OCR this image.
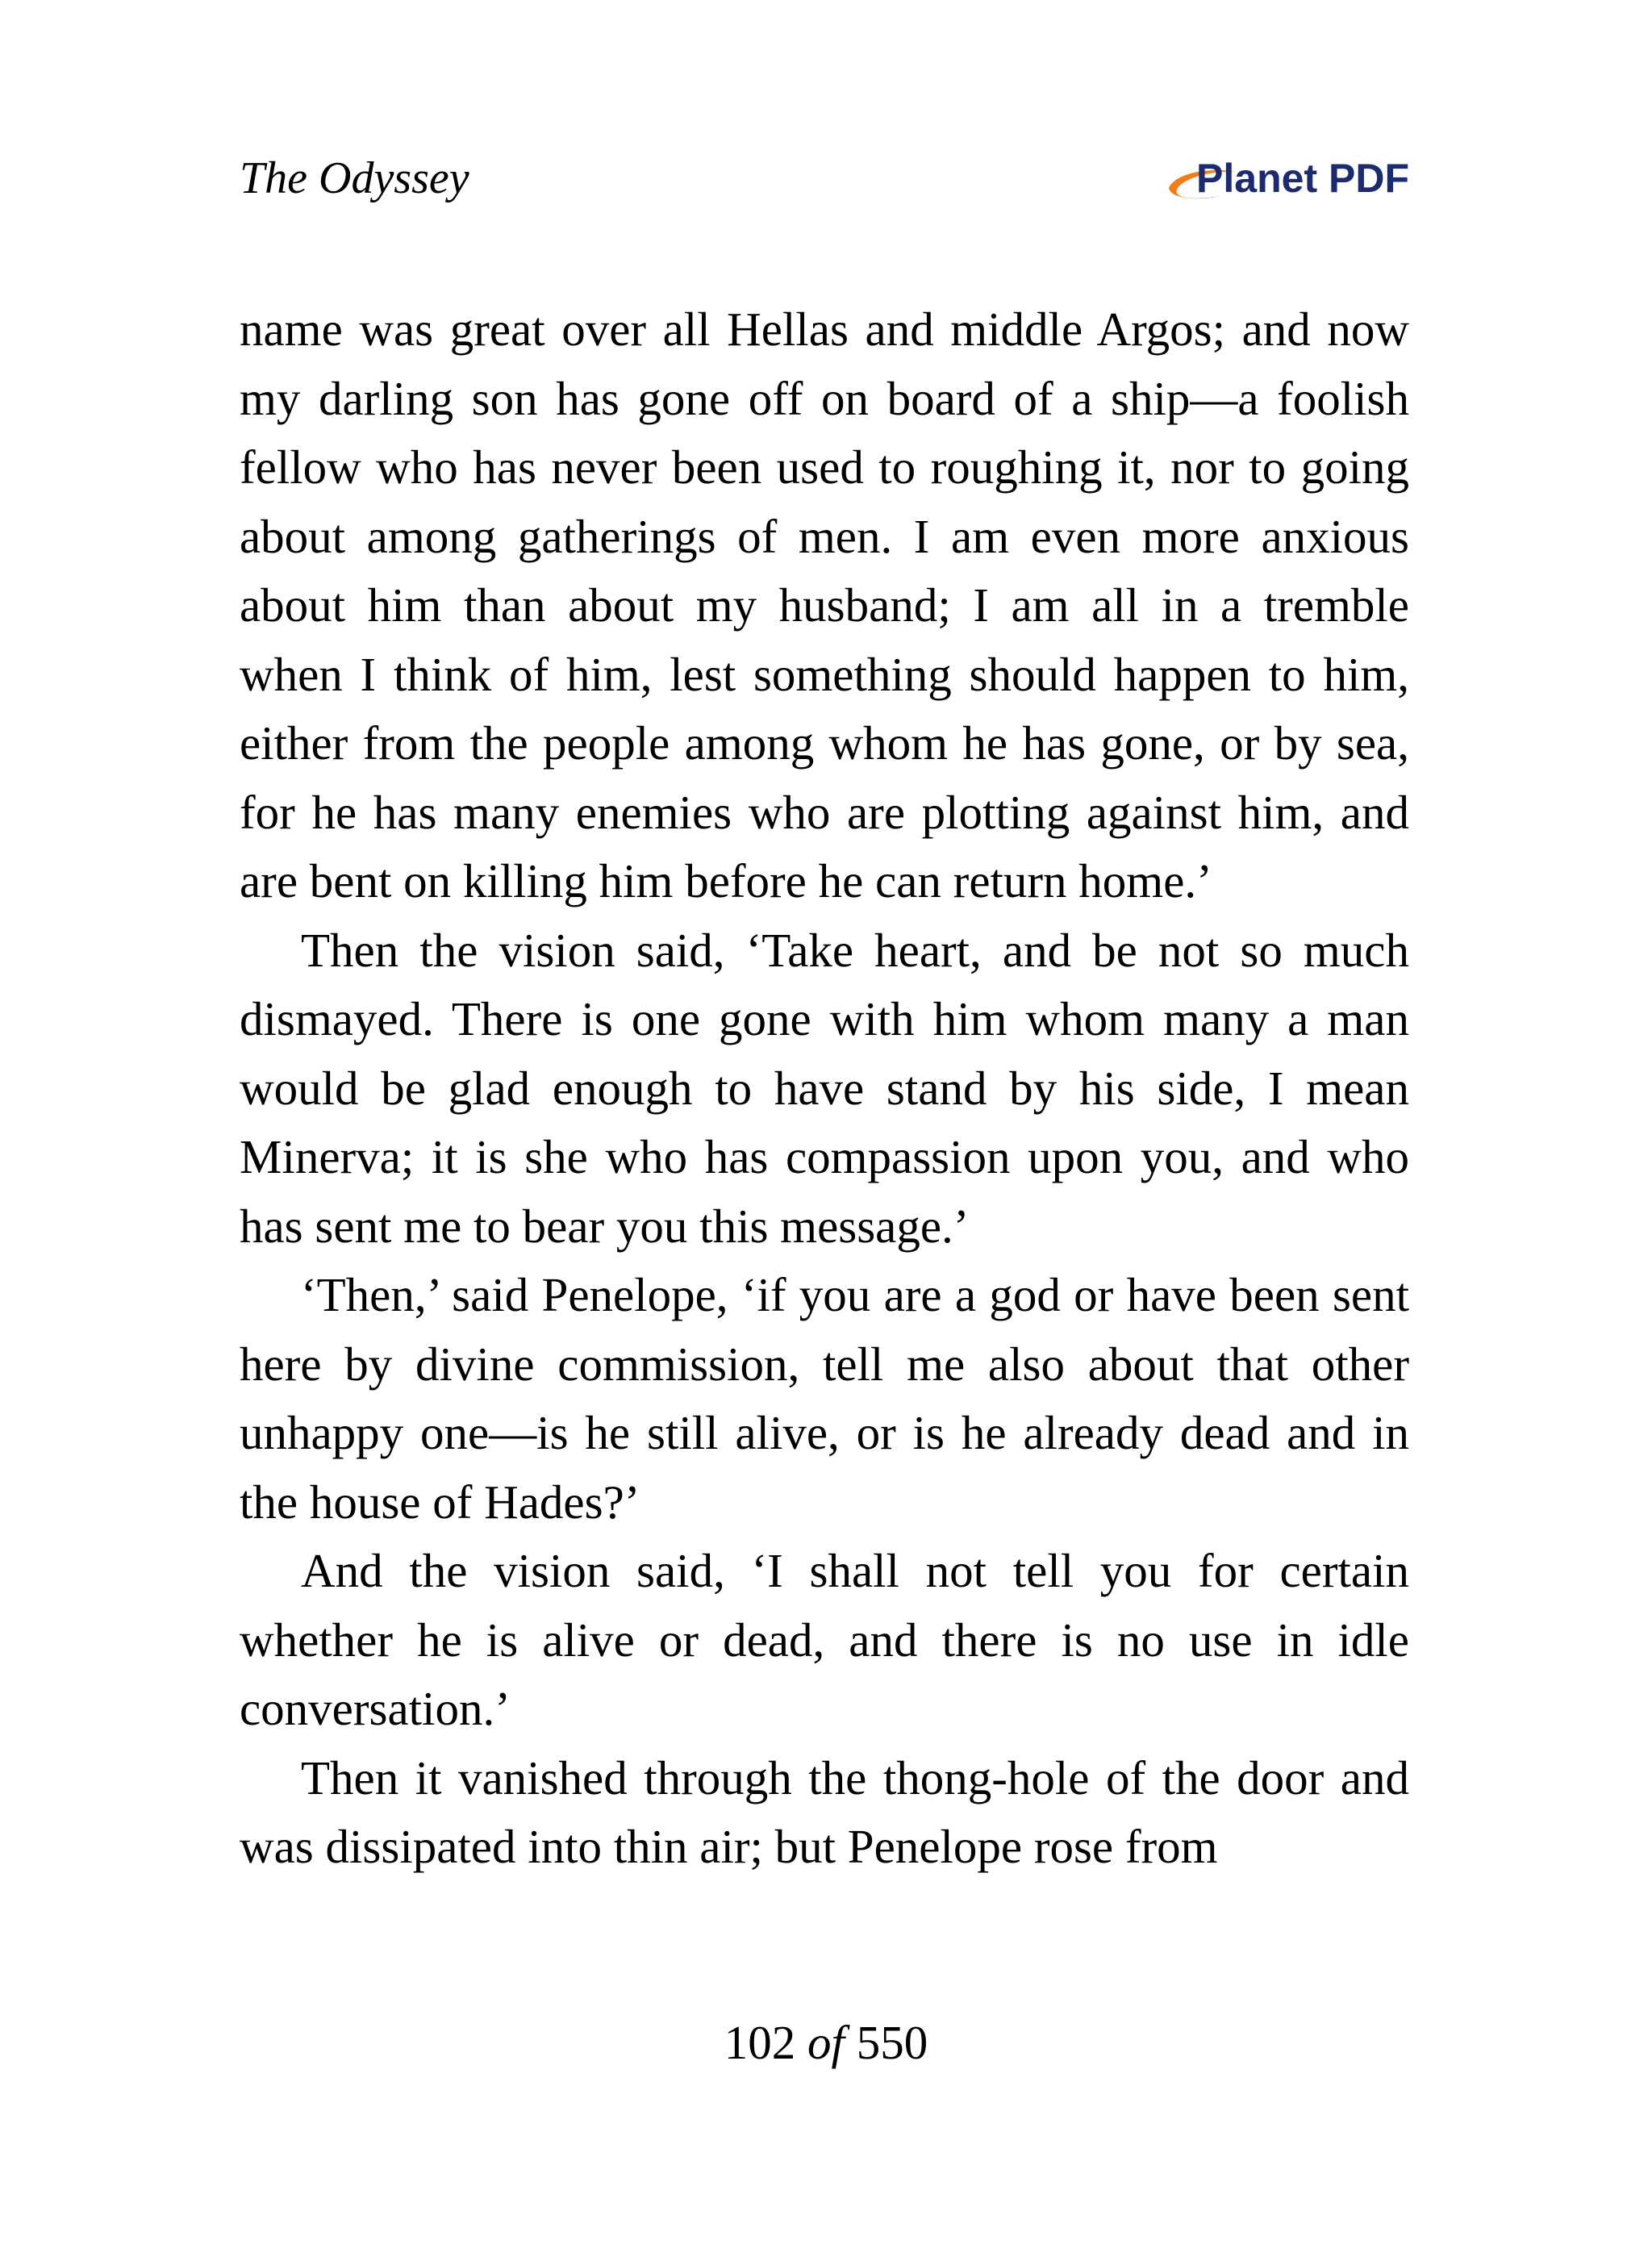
The Odyssey	Planet PDF

name was great over all Hellas and middle Argos; and now my darling son has gone off on board of a ship—a foolish fellow who has never been used to roughing it, nor to going about among gatherings of men. I am even more anxious about him than about my husband; I am all in a tremble when I think of him, lest something should happen to him, either from the people among whom he has gone, or by sea, for he has many enemies who are plotting against him, and are bent on killing him before he can return home.’

Then the vision said, ‘Take heart, and be not so much dismayed. There is one gone with him whom many a man would be glad enough to have stand by his side, I mean Minerva; it is she who has compassion upon you, and who has sent me to bear you this message.’

‘Then,’ said Penelope, ‘if you are a god or have been sent here by divine commission, tell me also about that other unhappy one—is he still alive, or is he already dead and in the house of Hades?’

And the vision said, ‘I shall not tell you for certain whether he is alive or dead, and there is no use in idle conversation.’

Then it vanished through the thong-hole of the door and was dissipated into thin air; but Penelope rose from

102 of 550
